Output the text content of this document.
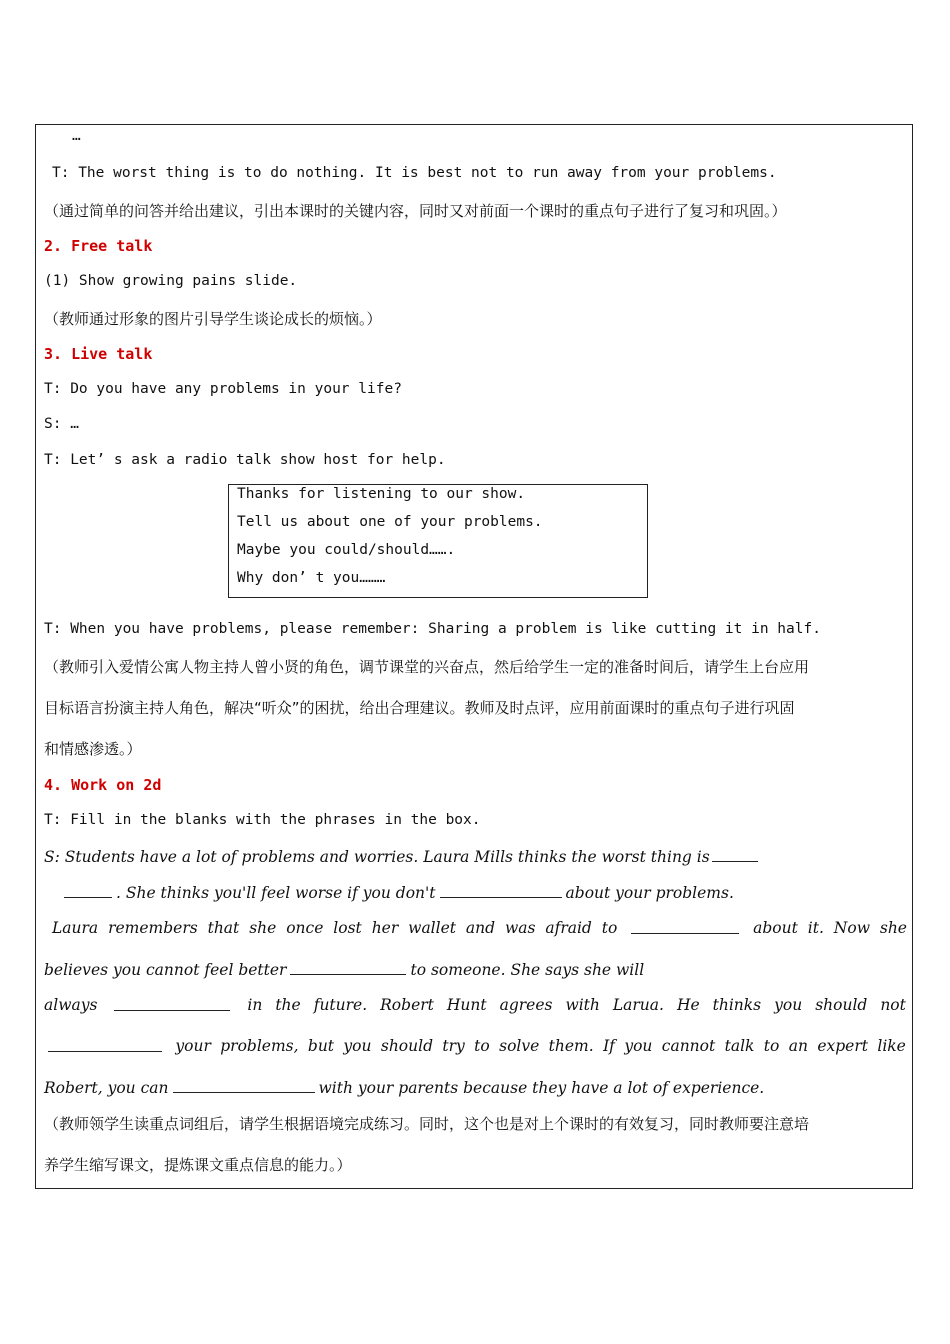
…
T: The worst thing is to do nothing. It is best not to run away from your problems.
（通过简单的问答并给出建议，引出本课时的关键内容，同时又对前面一个课时的重点句子进行了复习和巩固。）
2. Free talk
(1) Show growing pains slide.
（教师通过形象的图片引导学生谈论成长的烦恼。）
3. Live talk
T: Do you have any problems in your life?
S: …
T: Let’ s ask a radio talk show host for help.
Thanks for listening to our show.
Tell us about one of your problems.
Maybe you could/should…….
Why don’ t you………
T: When you have problems, please remember: Sharing a problem is like cutting it in half.
（教师引入爱情公寓人物主持人曾小贤的角色，调节课堂的兴奋点，然后给学生一定的准备时间后，请学生上台应用
目标语言扮演主持人角色，解决“听众”的困扰，给出合理建议。教师及时点评，应用前面课时的重点句子进行巩固
和情感渗透。）
4. Work on 2d
T: Fill in the blanks with the phrases in the box.
S: Students have a lot of problems and worries. Laura Mills thinks the worst thing is
. She thinks you'll feel worse if you don't	about your problems.
Laura remembers that she once lost her wallet and was afraid to	about it. Now she
believes you cannot feel better	to someone. She says she will
always	in the future. Robert Hunt agrees with Larua. He thinks you should not
your problems, but you should try to solve them. If you cannot talk to an expert like
Robert, you can	with your parents because they have a lot of experience.
（教师领学生读重点词组后，请学生根据语境完成练习。同时，这个也是对上个课时的有效复习，同时教师要注意培
养学生缩写课文，提炼课文重点信息的能力。）
